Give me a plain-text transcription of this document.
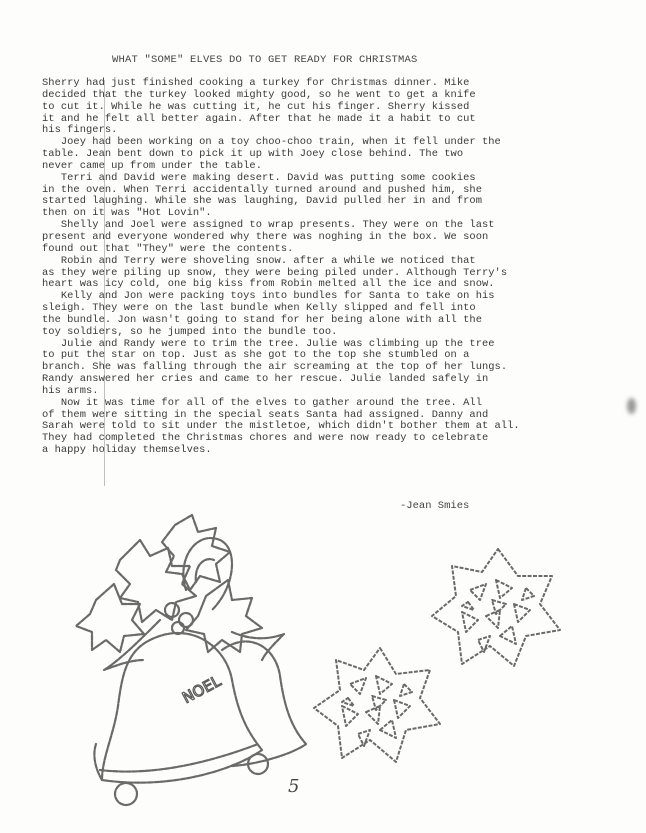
WHAT "SOME" ELVES DO TO GET READY FOR CHRISTMAS
Sherry had just finished cooking a turkey for Christmas dinner. Mike
decided that the turkey looked mighty good, so he went to get a knife
to cut it. While he was cutting it, he cut his finger. Sherry kissed
it and he felt all better again. After that he made it a habit to cut
his fingers.
Joey had been working on a toy choo-choo train, when it fell under the
table. Jean bent down to pick it up with Joey close behind. The two
never came up from under the table.
Terri and David were making desert. David was putting some cookies
in the oven. When Terri accidentally turned around and pushed him, she
started laughing. While she was laughing, David pulled her in and from
then on it was "Hot Lovin".
Shelly and Joel were assigned to wrap presents. They were on the last
present and everyone wondered why there was noghing in the box. We soon
found out that "They" were the contents.
Robin and Terry were shoveling snow. after a while we noticed that
as they were piling up snow, they were being piled under. Although Terry's
heart was icy cold, one big kiss from Robin melted all the ice and snow.
Kelly and Jon were packing toys into bundles for Santa to take on his
sleigh. They were on the last bundle when Kelly slipped and fell into
the bundle. Jon wasn't going to stand for her being alone with all the
toy soldiers, so he jumped into the bundle too.
Julie and Randy were to trim the tree. Julie was climbing up the tree
to put the star on top. Just as she got to the top she stumbled on a
branch. She was falling through the air screaming at the top of her lungs.
Randy answered her cries and came to her rescue. Julie landed safely in
his arms.
Now it was time for all of the elves to gather around the tree. All
of them were sitting in the special seats Santa had assigned. Danny and
Sarah were told to sit under the mistletoe, which didn't bother them at all.
They had completed the Christmas chores and were now ready to celebrate
a happy holiday themselves.
-Jean Smies
NOEL
5
